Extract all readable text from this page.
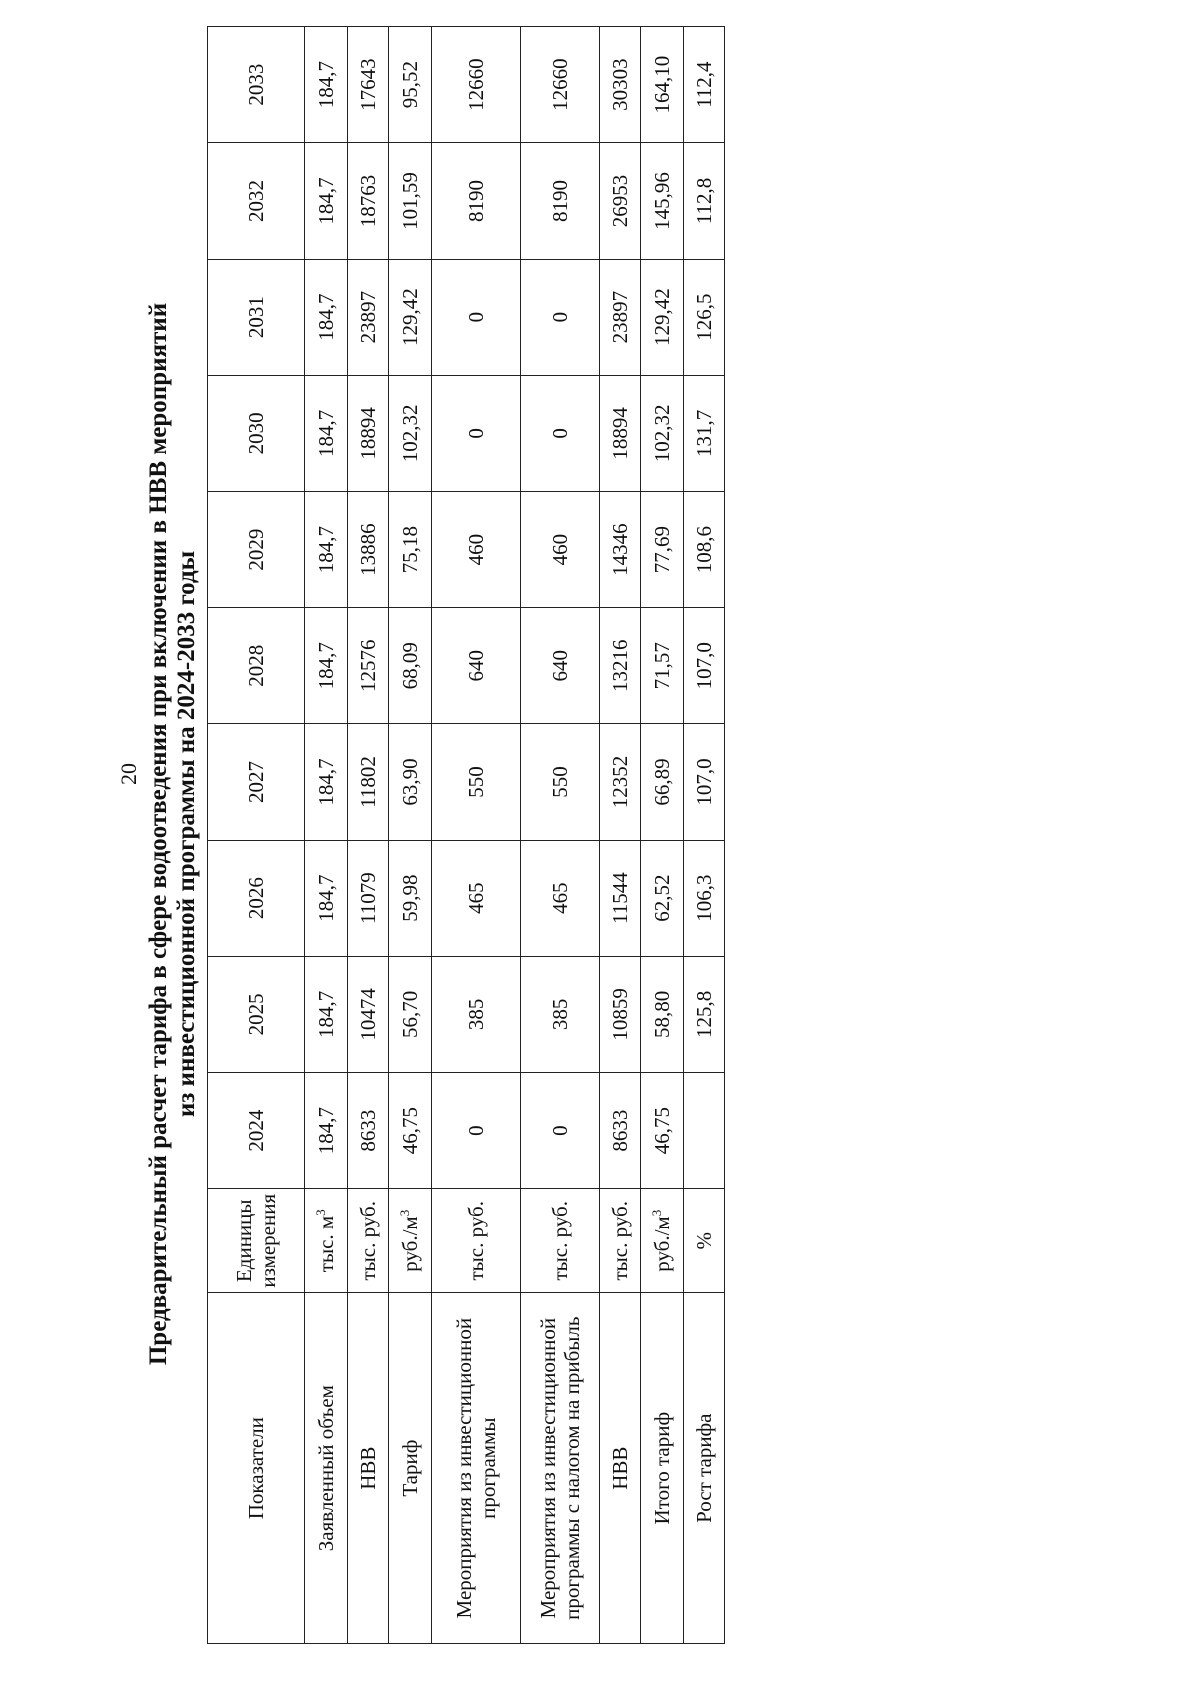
20 Предварительный расчет тарифа в сфере водоотведения при включении в НВВ мероприятий из инвестиционной программы на 2024-2033 годы
Показатели	Единицы измерения	2024	2025	2026	2027	2028	2029	2030	2031	2032	2033
Заявленный объем	тыс. $м^3$	184,7	184,7	184,7	184,7	184,7	184,7	184,7	184,7	184,7	184,7
НВВ	тыс. руб.	8633	10474	11079	11802	12576	13886	18894	23897	18763	17643
Тариф	$руб./м^3$	46,75	56,70	59,98	63,90	68,09	75,18	102,32	129,42	101,59	95,52
Мероприятия из инвестиционной программы	тыс. руб.	0	385	465	550	640	460	0	0	8190	12660
Мероприятия из инвестиционной программы с налогом на прибыль	тыс. руб.	0	385	465	550	640	460	0	0	8190	12660
НВВ	тыс. руб.	8633	10859	11544	12352	13216	14346	18894	23897	26953	30303
Итого тариф	$руб./м^3$	46,75	58,80	62,52	66,89	71,57	77,69	102,32	129,42	145,96	164,10
Рост тарифа	%		125,8	106,3	107,0	107,0	108,6	131,7	126,5	112,8	112,4
